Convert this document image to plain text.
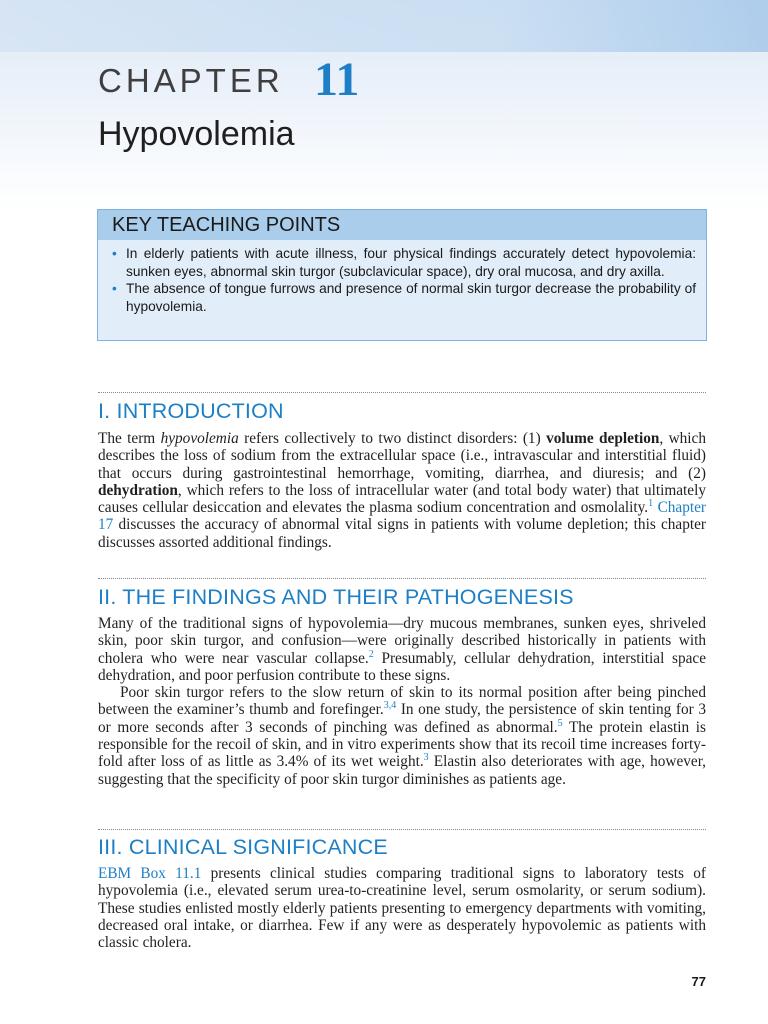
CHAPTER 11
Hypovolemia
KEY TEACHING POINTS

• In elderly patients with acute illness, four physical findings accurately detect hypovolemia: sunken eyes, abnormal skin turgor (subclavicular space), dry oral mucosa, and dry axilla.

• The absence of tongue furrows and presence of normal skin turgor decrease the probability of hypovolemia.

I. INTRODUCTION

The term hypovolemia refers collectively to two distinct disorders: (1) volume depletion, which describes the loss of sodium from the extracellular space (i.e., intravascular and interstitial fluid) that occurs during gastrointestinal hemorrhage, vomiting, diarrhea, and diuresis; and (2) dehydration, which refers to the loss of intracellular water (and total body water) that ultimately causes cellular desiccation and elevates the plasma sodium concentration and osmolality.$^1$ Chapter 17 discusses the accuracy of abnormal vital signs in patients with volume depletion; this chapter discusses assorted additional findings.

II. THE FINDINGS AND THEIR PATHOGENESIS

Many of the traditional signs of hypovolemia—dry mucous membranes, sunken eyes, shriveled skin, poor skin turgor, and confusion—were originally described historically in patients with cholera who were near vascular collapse.$^2$ Presumably, cellular dehydration, interstitial space dehydration, and poor perfusion contribute to these signs.

Poor skin turgor refers to the slow return of skin to its normal position after being pinched between the examiner’s thumb and forefinger.$^{3,4}$ In one study, the persistence of skin tenting for 3 or more seconds after 3 seconds of pinching was defined as abnormal.$^5$ The protein elastin is responsible for the recoil of skin, and in vitro experiments show that its recoil time increases forty-fold after loss of as little as 3.4% of its wet weight.$^3$ Elastin also deteriorates with age, however, suggesting that the specificity of poor skin turgor diminishes as patients age.

III. CLINICAL SIGNIFICANCE

EBM Box 11.1 presents clinical studies comparing traditional signs to laboratory tests of hypovolemia (i.e., elevated serum urea-to-creatinine level, serum osmolarity, or serum sodium). These studies enlisted mostly elderly patients presenting to emergency departments with vomiting, decreased oral intake, or diarrhea. Few if any were as desperately hypovolemic as patients with classic cholera.

77
